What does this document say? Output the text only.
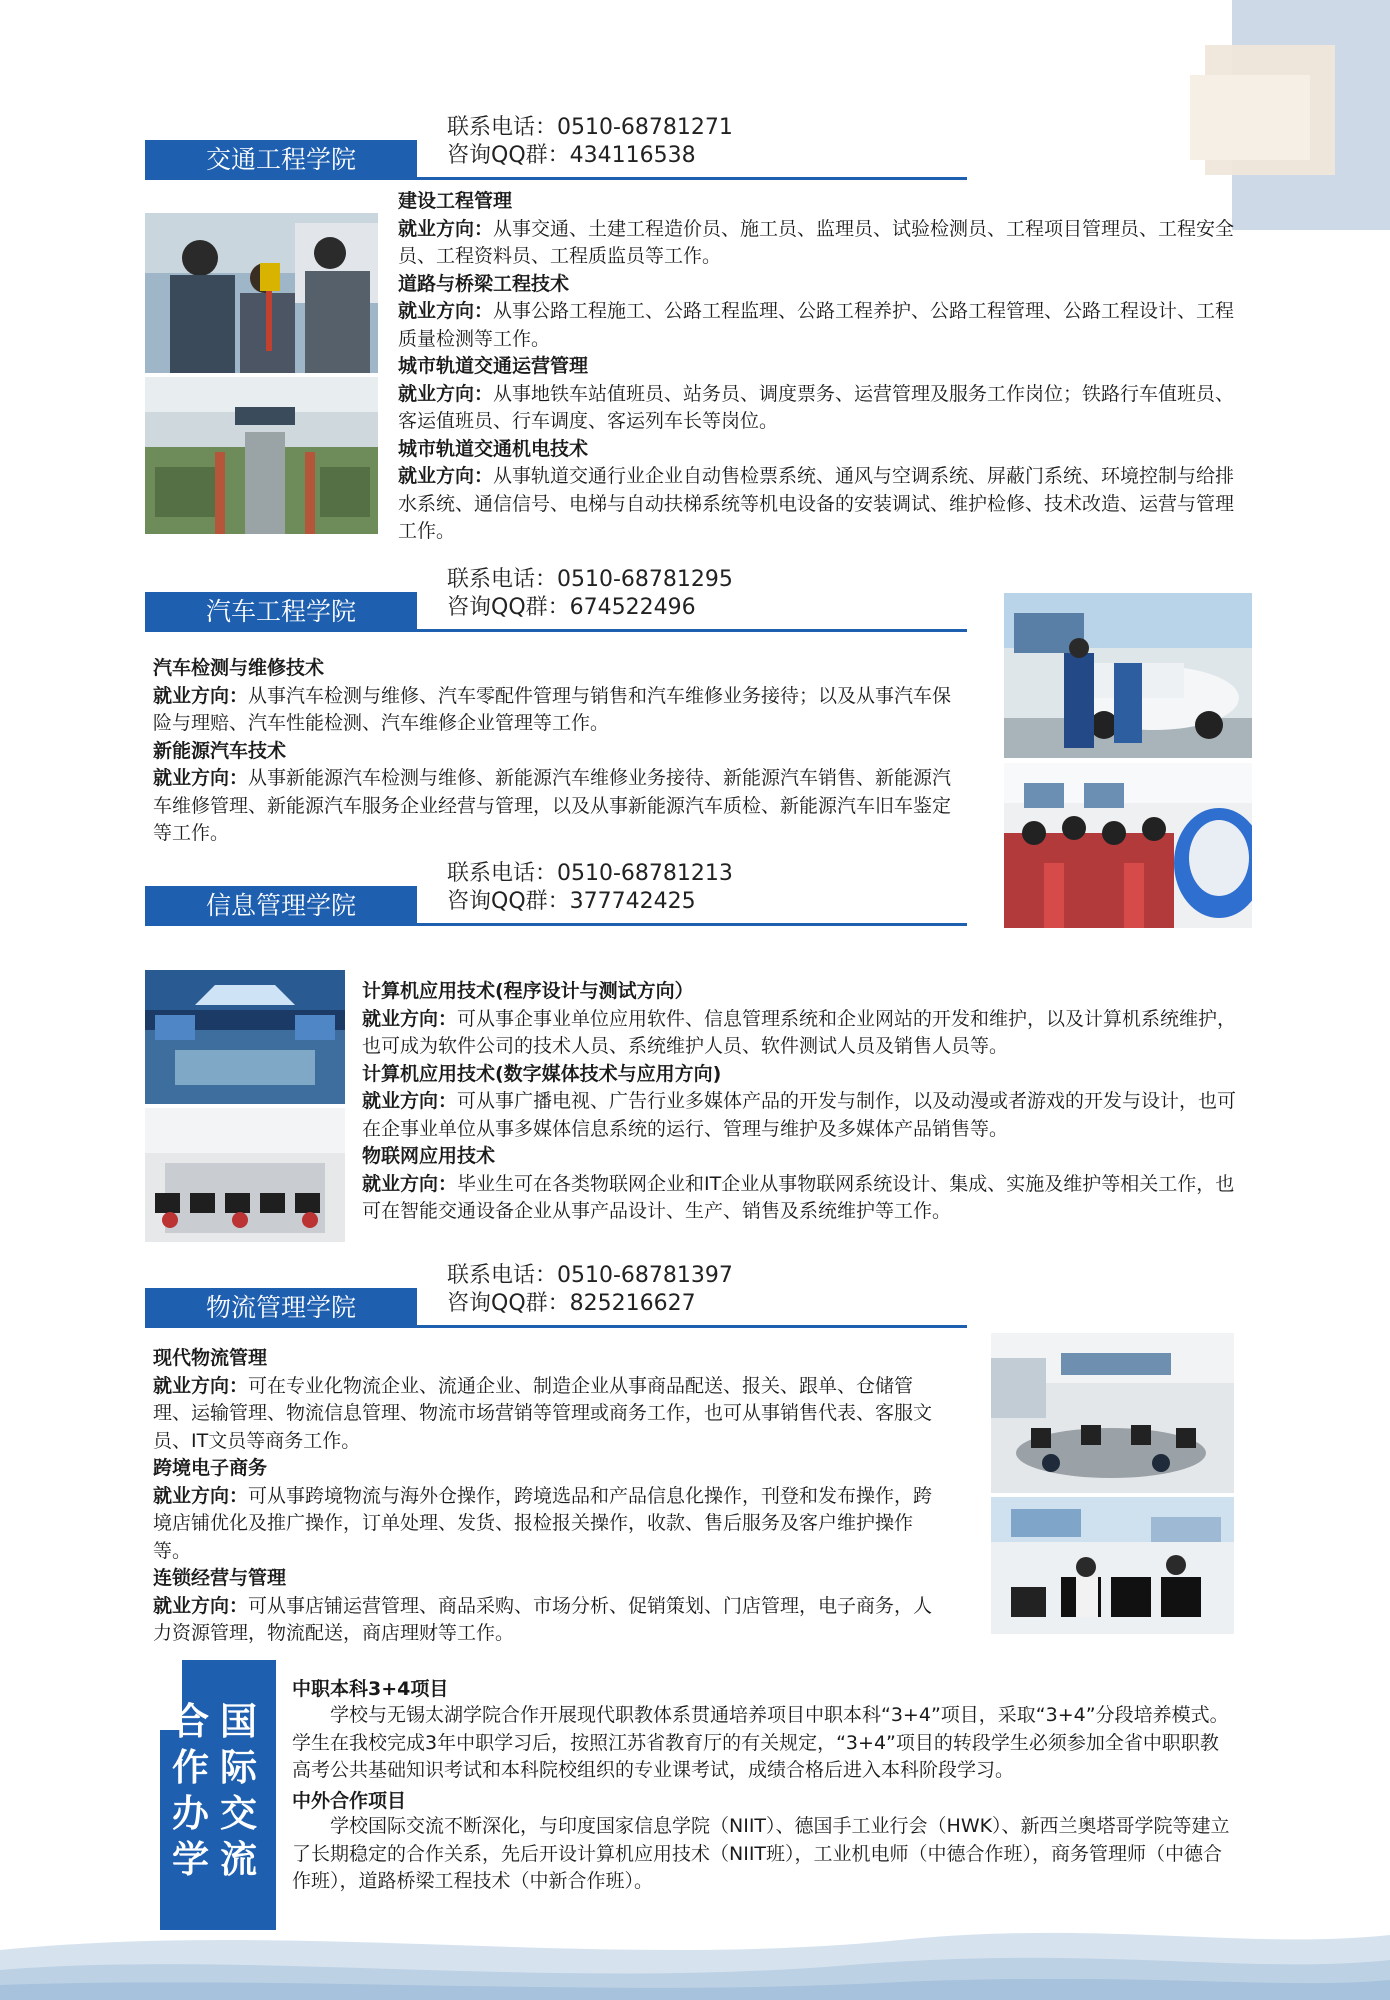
交通工程学院
联系电话：0510-68781271
咨询QQ群：434116538
建设工程管理
就业方向：从事交通、土建工程造价员、施工员、监理员、试验检测员、工程项目管理员、工程安全员、工程资料员、工程质监员等工作。
道路与桥梁工程技术
就业方向：从事公路工程施工、公路工程监理、公路工程养护、公路工程管理、公路工程设计、工程质量检测等工作。
城市轨道交通运营管理
就业方向：从事地铁车站值班员、站务员、调度票务、运营管理及服务工作岗位；铁路行车值班员、客运值班员、行车调度、客运列车长等岗位。
城市轨道交通机电技术
就业方向：从事轨道交通行业企业自动售检票系统、通风与空调系统、屏蔽门系统、环境控制与给排水系统、通信信号、电梯与自动扶梯系统等机电设备的安装调试、维护检修、技术改造、运营与管理工作。
汽车工程学院
联系电话：0510-68781295
咨询QQ群：674522496
汽车检测与维修技术
就业方向：从事汽车检测与维修、汽车零配件管理与销售和汽车维修业务接待；以及从事汽车保险与理赔、汽车性能检测、汽车维修企业管理等工作。
新能源汽车技术
就业方向：从事新能源汽车检测与维修、新能源汽车维修业务接待、新能源汽车销售、新能源汽车维修管理、新能源汽车服务企业经营与管理，以及从事新能源汽车质检、新能源汽车旧车鉴定等工作。
信息管理学院
联系电话：0510-68781213
咨询QQ群：377742425
计算机应用技术(程序设计与测试方向）
就业方向：可从事企事业单位应用软件、信息管理系统和企业网站的开发和维护，以及计算机系统维护，也可成为软件公司的技术人员、系统维护人员、软件测试人员及销售人员等。
计算机应用技术(数字媒体技术与应用方向)
就业方向：可从事广播电视、广告行业多媒体产品的开发与制作，以及动漫或者游戏的开发与设计，也可在企事业单位从事多媒体信息系统的运行、管理与维护及多媒体产品销售等。
物联网应用技术
就业方向：毕业生可在各类物联网企业和IT企业从事物联网系统设计、集成、实施及维护等相关工作，也可在智能交通设备企业从事产品设计、生产、销售及系统维护等工作。
物流管理学院
联系电话：0510-68781397
咨询QQ群：825216627
现代物流管理
就业方向：可在专业化物流企业、流通企业、制造企业从事商品配送、报关、跟单、仓储管理、运输管理、物流信息管理、物流市场营销等管理或商务工作，也可从事销售代表、客服文员、IT文员等商务工作。
跨境电子商务
就业方向：可从事跨境物流与海外仓操作，跨境选品和产品信息化操作，刊登和发布操作，跨境店铺优化及推广操作，订单处理、发货、报检报关操作，收款、售后服务及客户维护操作等。
连锁经营与管理
就业方向：可从事店铺运营管理、商品采购、市场分析、促销策划、门店管理，电子商务，人力资源管理，物流配送，商店理财等工作。
合 国
作 际
办 交
学 流
中职本科3+4项目
学校与无锡太湖学院合作开展现代职教体系贯通培养项目中职本科“3+4”项目，采取“3+4”分段培养模式。学生在我校完成3年中职学习后，按照江苏省教育厅的有关规定，“3+4”项目的转段学生必须参加全省中职职教高考公共基础知识考试和本科院校组织的专业课考试，成绩合格后进入本科阶段学习。
中外合作项目
学校国际交流不断深化，与印度国家信息学院（NIIT）、德国手工业行会（HWK）、新西兰奥塔哥学院等建立了长期稳定的合作关系，先后开设计算机应用技术（NIIT班），工业机电师（中德合作班），商务管理师（中德合作班），道路桥梁工程技术（中新合作班）。
